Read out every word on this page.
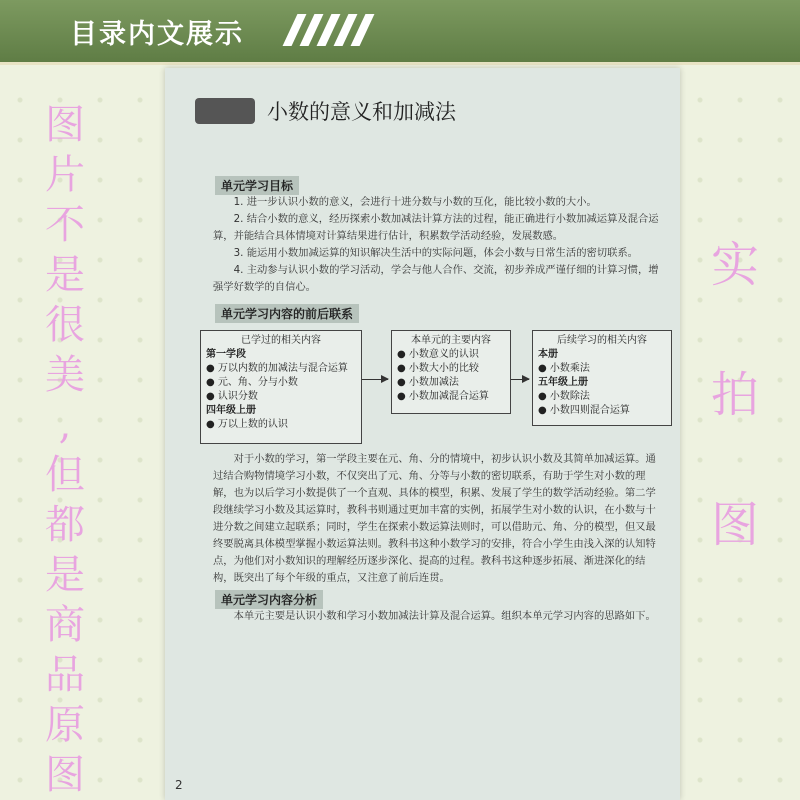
目录内文展示
图
片
不
是
很
美
,
但
都
是
商
品
原
图
实
拍
图
小数的意义和加减法
单元学习目标

1. 进一步认识小数的意义，会进行十进分数与小数的互化，能比较小数的大小。

2. 结合小数的意义，经历探索小数加减法计算方法的过程，能正确进行小数加减运算及混合运算，并能结合具体情境对计算结果进行估计，积累数学活动经验，发展数感。

3. 能运用小数加减运算的知识解决生活中的实际问题，体会小数与日常生活的密切联系。

4. 主动参与认识小数的学习活动，学会与他人合作、交流，初步养成严谨仔细的计算习惯，增强学好数学的自信心。

单元学习内容的前后联系
已学过的相关内容
第一学段
● 万以内数的加减法与混合运算
● 元、角、分与小数
● 认识分数
四年级上册
● 万以上数的认识
本单元的主要内容
● 小数意义的认识
● 小数大小的比较
● 小数加减法
● 小数加减混合运算
后续学习的相关内容
本册
● 小数乘法
五年级上册
● 小数除法
● 小数四则混合运算

对于小数的学习，第一学段主要在元、角、分的情境中，初步认识小数及其简单加减运算。通过结合购物情境学习小数，不仅突出了元、角、分等与小数的密切联系，有助于学生对小数的理解，也为以后学习小数提供了一个直观、具体的模型，积累、发展了学生的数学活动经验。第二学段继续学习小数及其运算时，教科书则通过更加丰富的实例，拓展学生对小数的认识，在小数与十进分数之间建立起联系；同时，学生在探索小数运算法则时，可以借助元、角、分的模型，但又最终要脱离具体模型掌握小数运算法则。教科书这种小数学习的安排，符合小学生由浅入深的认知特点，为他们对小数知识的理解经历逐步深化、提高的过程。教科书这种逐步拓展、渐进深化的结构，既突出了每个年级的重点，又注意了前后连贯。

单元学习内容分析

本单元主要是认识小数和学习小数加减法计算及混合运算。组织本单元学习内容的思路如下。

2
